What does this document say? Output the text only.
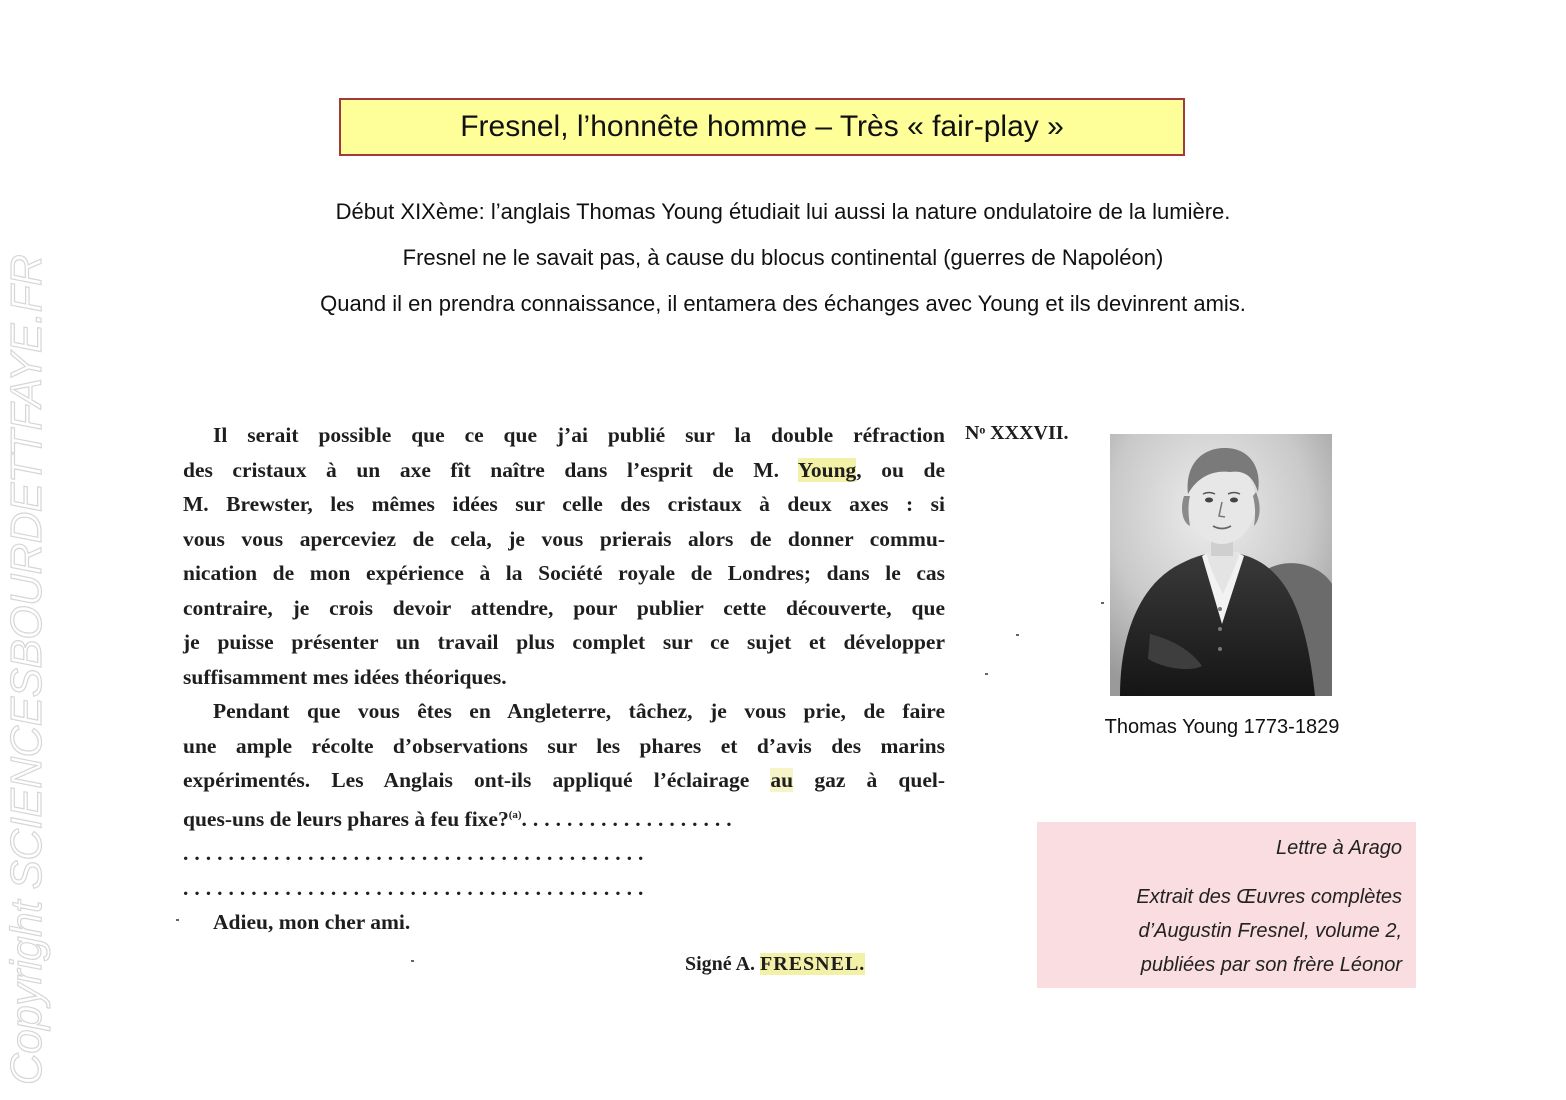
Copyright SCIENCESBOURDETTFAYE.FR
Fresnel, l’honnête homme – Très « fair-play »
Début XIXème: l’anglais Thomas Young étudiait lui aussi la nature ondulatoire de la lumière.
Fresnel ne le savait pas, à cause du blocus continental (guerres de Napoléon)
Quand il en prendra connaissance, il entamera des échanges avec Young et ils devinrent amis.
Nᵒ XXXVII.

Il serait possible que ce que j’ai publié sur la double réfraction

des cristaux à un axe fît naître dans l’esprit de M. Young, ou de

M. Brewster, les mêmes idées sur celle des cristaux à deux axes : si

vous vous aperceviez de cela, je vous prierais alors de donner commu-

nication de mon expérience à la Société royale de Londres; dans le cas

contraire, je crois devoir attendre, pour publier cette découverte, que

je puisse présenter un travail plus complet sur ce sujet et développer

suffisamment mes idées théoriques.

Pendant que vous êtes en Angleterre, tâchez, je vous prie, de faire

une ample récolte d’observations sur les phares et d’avis des marins

expérimentés. Les Anglais ont-ils appliqué l’éclairage au gaz à quel-

ques-uns de leurs phares à feu fixe?$^{(a)}$...................

.........................................

.........................................

Adieu, mon cher ami.

Signé A. FRESNEL.
Thomas Young 1773-1829
Lettre à Arago
Extrait des Œuvres complètes
d’Augustin Fresnel, volume 2,
publiées par son frère Léonor
